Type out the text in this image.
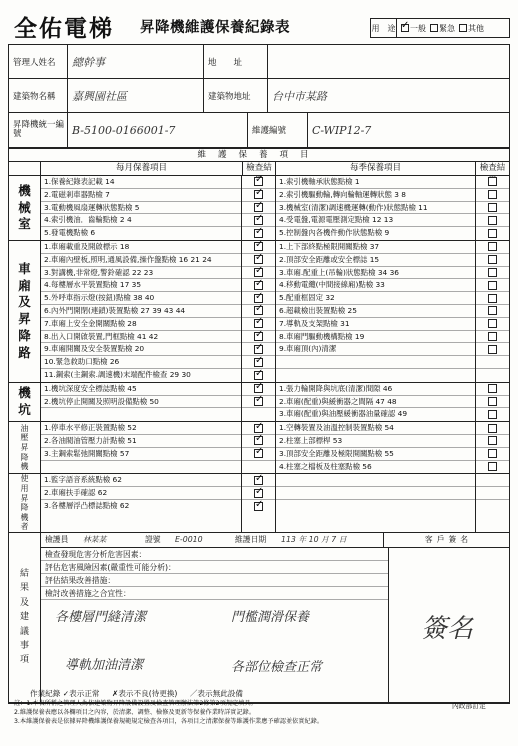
全佑電梯 昇降機維護保養紀錄表	用　途
✓ 一般 緊急 其他
管理人姓名	總幹事	地　　址
建築物名稱	嘉興園社區	建築物地址	台中市某路
昇降機統一編號	B-5100-0166001-7	維護編號	C-WIP12-7
維護保養項目
每月保養項目	檢查結	每季保養項目	檢查結
機
械
室
1.保養紀錄表記載 14
2.電磁剎車器點檢 7
3.電動機風扇運轉狀態點檢 5
4.索引機油．齒輪點檢 2 4
5.發電機點檢 6
✓
✓
✓
✓
✓
1.索引機軸承狀態點檢 1
2.索引機驅動輪,轉向輪軸運轉狀態 3 8
3.機械室(清潔)調速機運轉(動作)狀態點檢 11
4.受電盤,電源電壓測定點檢 12 13
5.控制盤內各機件動作狀態點檢 9
車
廂
及
昇
降
路
1.車廂載重及開啟標示 18
2.車廂內壁板,照明,通風設備,操作盤點檢 16 21 24
3.對講機,非常燈,警鈴確認 22 23
4.每樓層水平裝置點檢 17 35
5.外呼車指示燈(按鈕)點檢 38 40
6.內外門開閉(連鎖)裝置點檢 27 39 43 44
7.車廂上安全金開關點檢 28
8.出入口開啟裝置,門框點檢 41 42
9.車廂開關及安全裝置點檢 20
10.緊急救助口點檢 26
11.鋼索(主鋼索.調速機)末端配件檢查 29 30
✓
✓
✓
✓
✓
✓
✓
✓
✓
✓
✓
1.上下部終點極限開關點檢 37
2.頂部安全距離或安全標誌 15
3.車廂.配重上(吊輪)狀態點檢 34 36
4.移動電纜(中間接線廂)點檢 33
5.配重框固定 32
6.超載檢出裝置點檢 25
7.導軌及支架點檢 31
8.車廂門驅動機構點檢 19
9.車廂頂(內)清潔
機
坑
1.機坑深度安全標誌點檢 45
2.機坑停止開關及照明設備點檢 50
✓
✓
1.張力輪開降與坑底(清潔)間隙 46
2.車廂(配重)與緩衝器之間隔 47 48
3.車廂(配重)與油壓緩衝器油量確認 49
油
壓
昇
降
機
1.停車水平修正裝置點檢 52
2.各油閥油管壓力計點檢 51
3.主鋼索鬆弛開關點檢 57
✓
✓
✓
1.空轉裝置及油溫控制裝置點檢 54
2.柱塞上部標桿 53
3.頂部安全距離及極限開關點檢 55
4.柱塞之檔板及柱塞點檢 56
使
用
昇
降
機
者
1.監字語音系統點檢 62
2.車廂扶手確認 62
3.各樓層浮凸標誌點檢 62
✓
✓
✓
結
果
及
建
議
事
項
檢護員	林某某	證號	E-0010	維護日期	113 年 10 月 7 日	客戶簽名
檢查發現危害分析危害因素：
評估危害風險因素(嚴重性可能分析)：
評估結果改善措施：
檢討改善措施之合宜性：
各樓層門縫清潔	門檻潤滑保養
導軌加油清潔	各部位檢查正常
簽名
作業紀錄 ✓表示正常 ✗表示不良(待更換) ／表示無此設備
內政部訂定
註：1.本表所稱之管理人為依建築物昇降設備設置及檢查管理辦法第2條第2項規定填具。
2.維護保養表應以各欄項目之內容，於清潔、調整、檢修及更新等保養作業時詳實記錄。
3.本維護保養表是依據昇降機維護保養規範規定檢查各項目，各項目之清潔保養等維護作業應予確認並依實紀錄。
